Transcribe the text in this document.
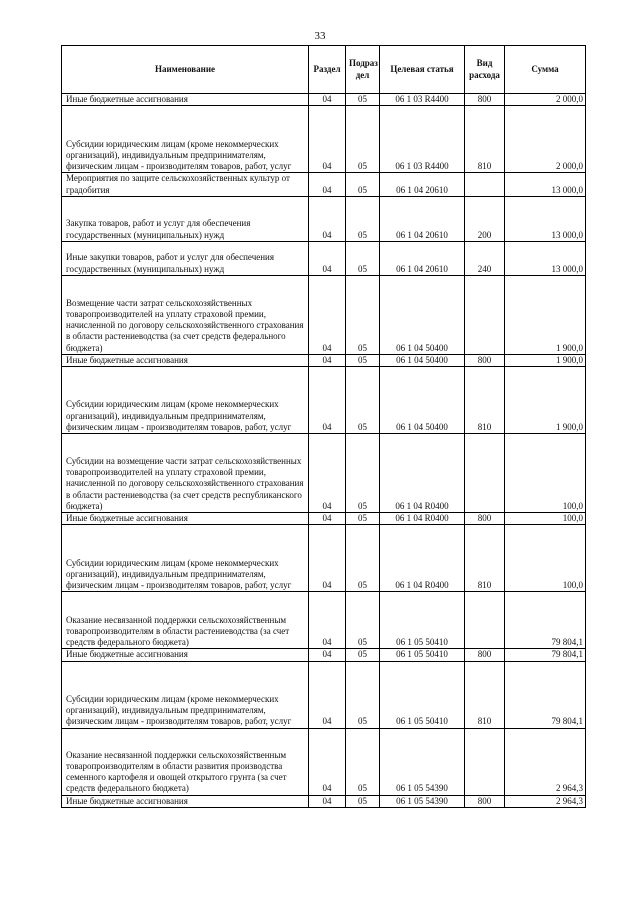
33
Наименование	Раздел	Подраз дел	Целевая статья	Вид расхода	Сумма
Иные бюджетные ассигнования	04	05	06 1 03 R4400	800	2 000,0
Субсидии юридическим лицам (кроме некоммерческих организаций), индивидуальным предпринимателям, физическим лицам - производителям товаров, работ, услуг	04	05	06 1 03 R4400	810	2 000,0
Мероприятия по защите сельскохозяйственных культур от градобития	04	05	06 1 04 20610		13 000,0
Закупка товаров, работ и услуг для обеспечения государственных (муниципальных) нужд	04	05	06 1 04 20610	200	13 000,0
Иные закупки товаров, работ и услуг для обеспечения государственных (муниципальных) нужд	04	05	06 1 04 20610	240	13 000,0
Возмещение части затрат сельскохозяйственных товаропроизводителей на уплату страховой премии, начисленной по договору сельскохозяйственного страхования в области растениеводства (за счет средств федерального бюджета)	04	05	06 1 04 50400		1 900,0
Иные бюджетные ассигнования	04	05	06 1 04 50400	800	1 900,0
Субсидии юридическим лицам (кроме некоммерческих организаций), индивидуальным предпринимателям, физическим лицам - производителям товаров, работ, услуг	04	05	06 1 04 50400	810	1 900,0
Субсидии на возмещение части затрат сельскохозяйственных товаропроизводителей на уплату страховой премии, начисленной по договору сельскохозяйственного страхования в области растениеводства (за счет средств республиканского бюджета)	04	05	06 1 04 R0400		100,0
Иные бюджетные ассигнования	04	05	06 1 04 R0400	800	100,0
Субсидии юридическим лицам (кроме некоммерческих организаций), индивидуальным предпринимателям, физическим лицам - производителям товаров, работ, услуг	04	05	06 1 04 R0400	810	100,0
Оказание несвязанной поддержки сельскохозяйственным товаропроизводителям в области растениеводства (за счет средств федерального бюджета)	04	05	06 1 05 50410		79 804,1
Иные бюджетные ассигнования	04	05	06 1 05 50410	800	79 804,1
Субсидии юридическим лицам (кроме некоммерческих организаций), индивидуальным предпринимателям, физическим лицам - производителям товаров, работ, услуг	04	05	06 1 05 50410	810	79 804,1
Оказание несвязанной поддержки сельскохозяйственным товаропроизводителям в области развития производства семенного картофеля и овощей открытого грунта (за счет средств федерального бюджета)	04	05	06 1 05 54390		2 964,3
Иные бюджетные ассигнования	04	05	06 1 05 54390	800	2 964,3
